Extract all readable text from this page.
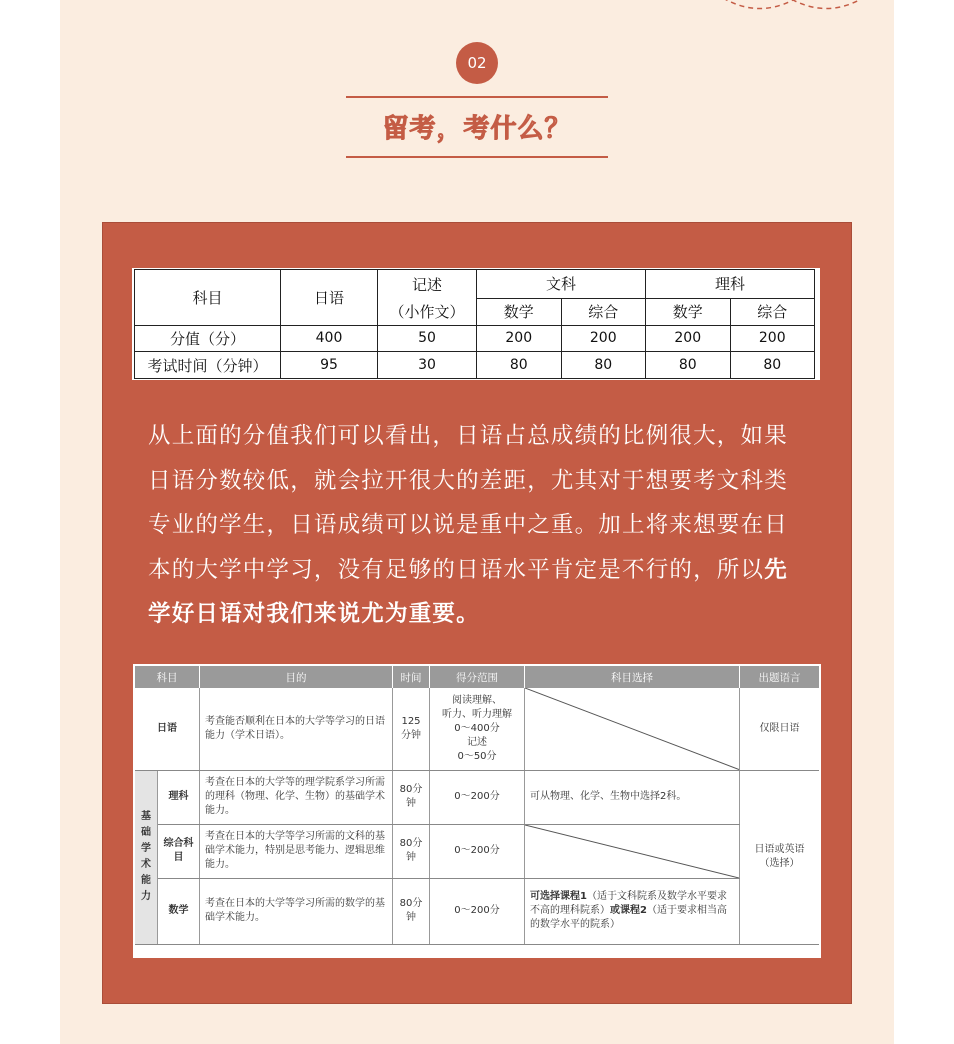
02
留考，考什么？
科目	日语	记述	文科		理科	
		（小作文）	数学	综合	数学	综合
分值（分）	400	50	200	200	200	200
考试时间（分钟）	95	30	80	80	80	80
从上面的分值我们可以看出，日语占总成绩的比例很大，如果日语分数较低，就会拉开很大的差距，尤其对于想要考文科类专业的学生，日语成绩可以说是重中之重。加上将来想要在日本的大学中学习，没有足够的日语水平肯定是不行的，所以先学好日语对我们来说尤为重要。
科目		目的	时间	得分范围	科目选择	出题语言
日语		考查能否顺利在日本的大学等学习的日语能力（学术日语）。	125分钟	阅读理解、
听力、听力理解
0～400分
记述
0～50分		仅限日语
基础学术能力	理科	考查在日本的大学等的理学院系学习所需的理科（物理、化学、生物）的基础学术能力。	80分钟	0～200分	可从物理、化学、生物中选择2科。	日语或英语（选择）
	综合科目	考查在日本的大学等学习所需的文科的基础学术能力，特别是思考能力、逻辑思维能力。	80分钟	0～200分	

	数学	考查在日本的大学等学习所需的数学的基础学术能力。	80分钟	0～200分	可选择课程1（适于文科院系及数学水平要求不高的理科院系）或课程2（适于要求相当高的数学水平的院系）	
